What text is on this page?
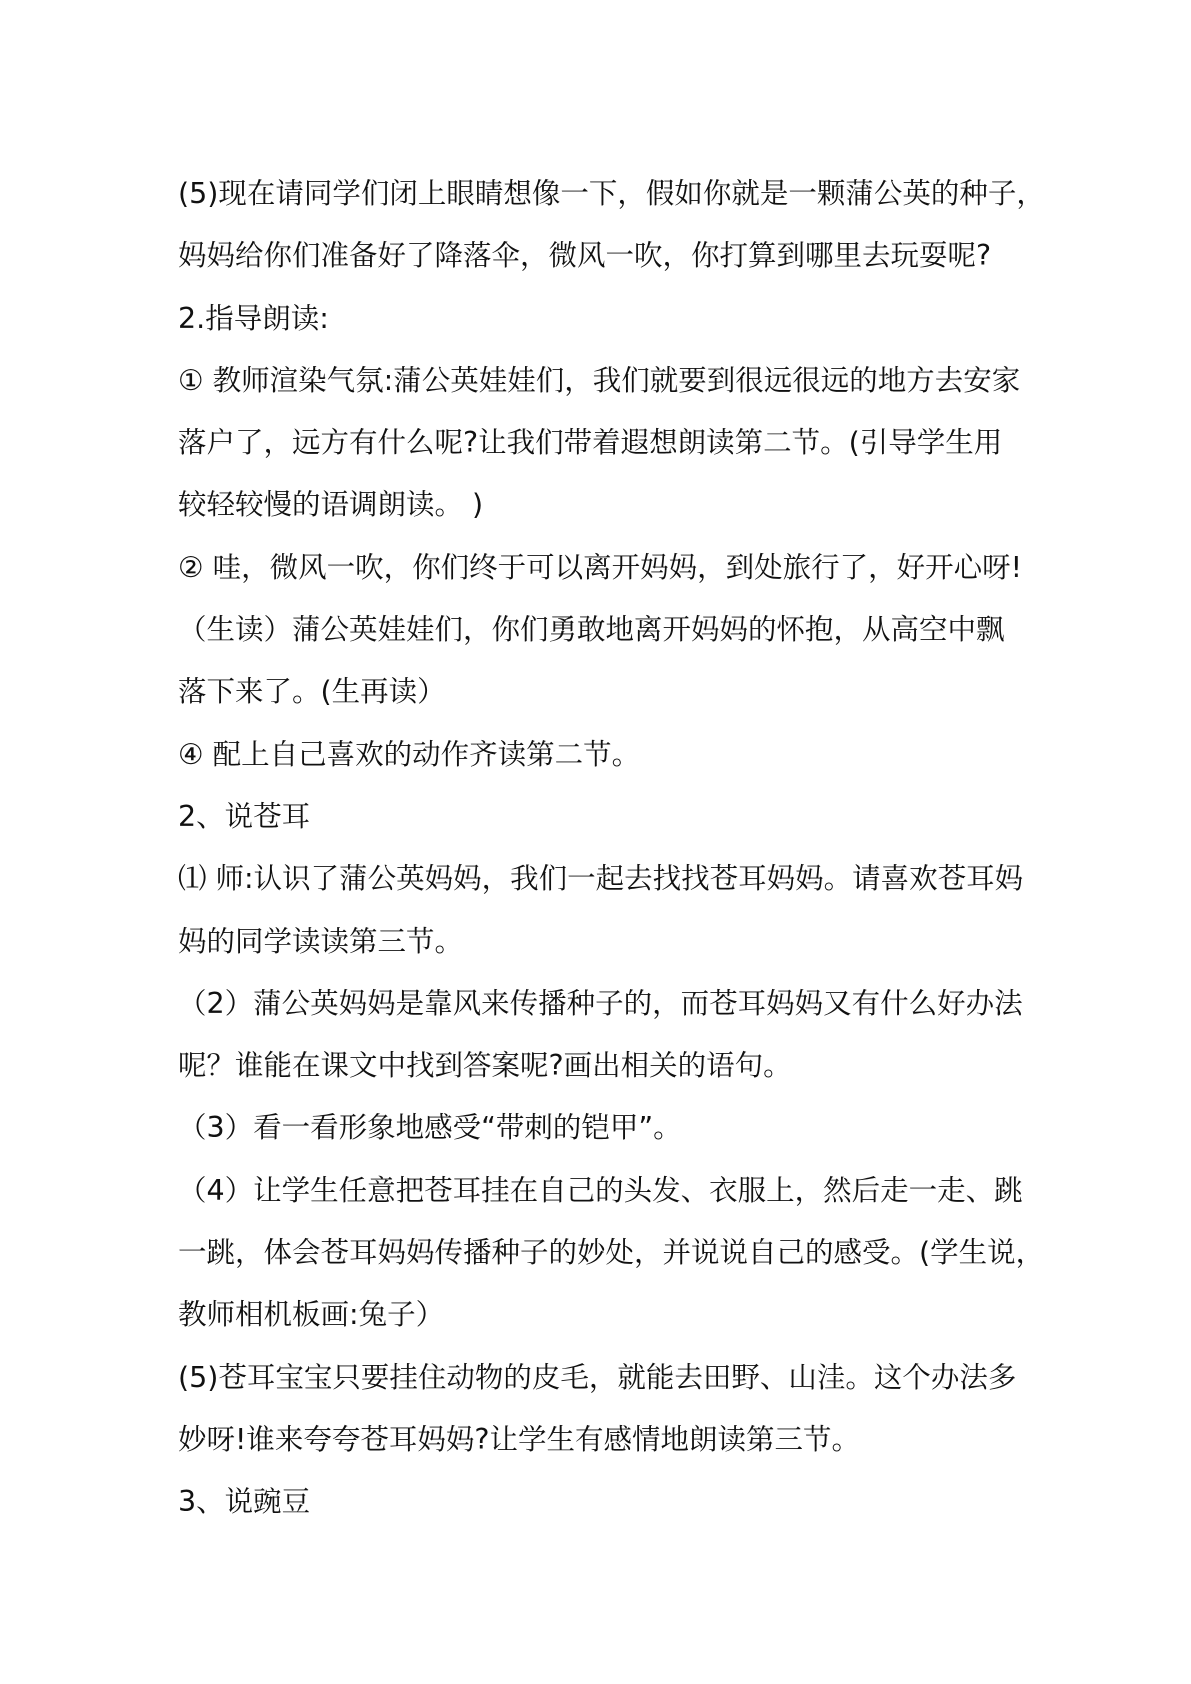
(5)现在请同学们闭上眼睛想像一下，假如你就是一颗蒲公英的种子，
妈妈给你们准备好了降落伞，微风一吹，你打算到哪里去玩耍呢?
2.指导朗读:
① 教师渲染气氛:蒲公英娃娃们，我们就要到很远很远的地方去安家
落户了，远方有什么呢?让我们带着遐想朗读第二节。(引导学生用
较轻较慢的语调朗读。 )
② 哇，微风一吹，你们终于可以离开妈妈，到处旅行了，好开心呀!
（生读）蒲公英娃娃们，你们勇敢地离开妈妈的怀抱，从高空中飘
落下来了。(生再读）
④ 配上自己喜欢的动作齐读第二节。
2、说苍耳
⑴ 师:认识了蒲公英妈妈，我们一起去找找苍耳妈妈。请喜欢苍耳妈
妈的同学读读第三节。
（2）蒲公英妈妈是靠风来传播种子的，而苍耳妈妈又有什么好办法
呢？谁能在课文中找到答案呢?画出相关的语句。
（3）看一看形象地感受“带刺的铠甲”。
（4）让学生任意把苍耳挂在自己的头发、衣服上，然后走一走、跳
一跳，体会苍耳妈妈传播种子的妙处，并说说自己的感受。(学生说，
教师相机板画:兔子）
(5)苍耳宝宝只要挂住动物的皮毛，就能去田野、山洼。这个办法多
妙呀!谁来夸夸苍耳妈妈?让学生有感情地朗读第三节。
3、说豌豆
